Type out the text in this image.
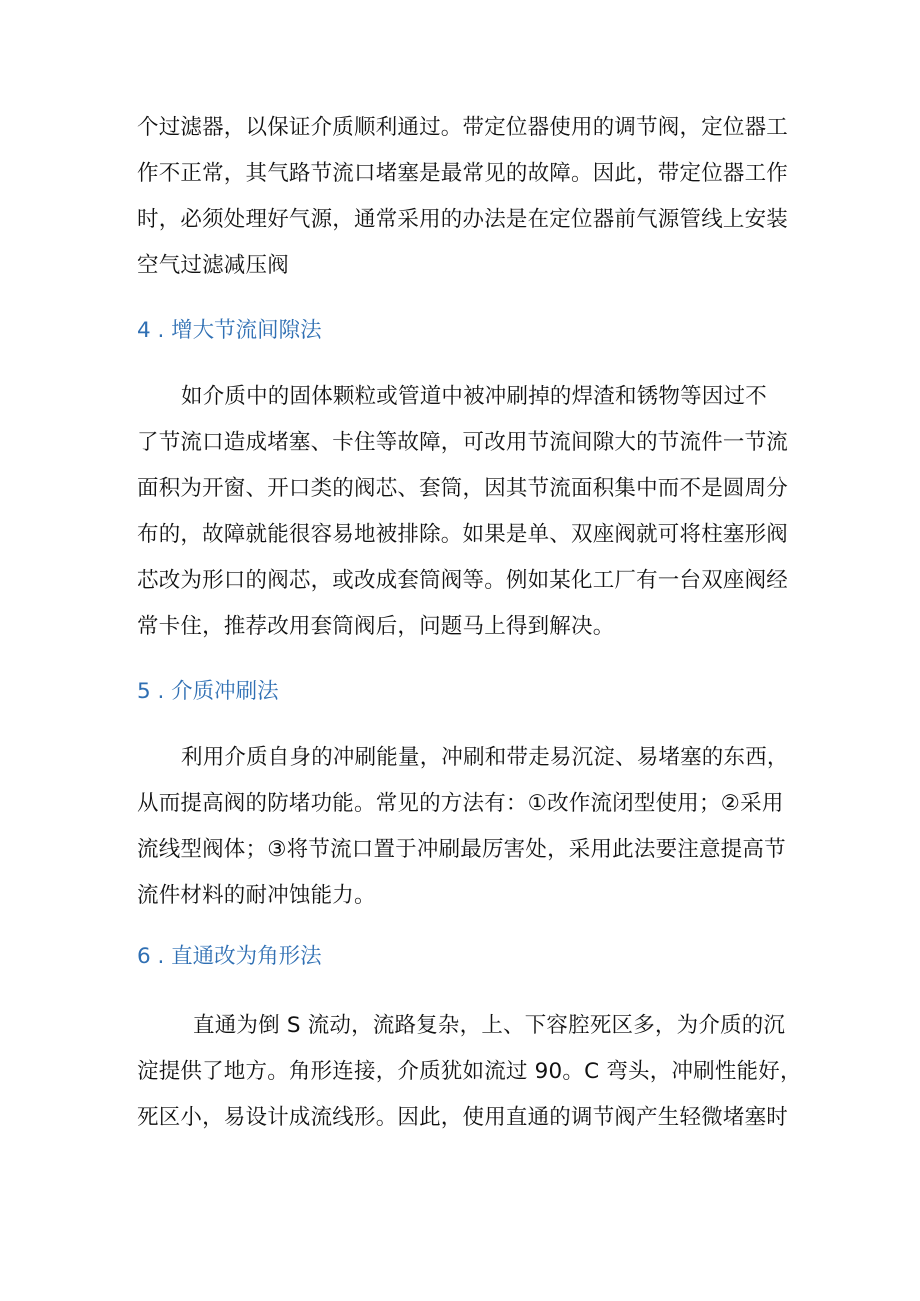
个过滤器，以保证介质顺利通过。带定位器使用的调节阀，定位器工
作不正常，其气路节流口堵塞是最常见的故障。因此，带定位器工作
时，必须处理好气源，通常采用的办法是在定位器前气源管线上安装
空气过滤减压阀
4 . 增大节流间隙法
如介质中的固体颗粒或管道中被冲刷掉的焊渣和锈物等因过不
了节流口造成堵塞、卡住等故障，可改用节流间隙大的节流件一节流
面积为开窗、开口类的阀芯、套筒，因其节流面积集中而不是圆周分
布的，故障就能很容易地被排除。如果是单、双座阀就可将柱塞形阀
芯改为形口的阀芯，或改成套筒阀等。例如某化工厂有一台双座阀经
常卡住，推荐改用套筒阀后，问题马上得到解决。
5 . 介质冲刷法
利用介质自身的冲刷能量，冲刷和带走易沉淀、易堵塞的东西，
从而提高阀的防堵功能。常见的方法有：①改作流闭型使用；②采用
流线型阀体；③将节流口置于冲刷最厉害处，采用此法要注意提高节
流件材料的耐冲蚀能力。
6 . 直通改为角形法
直通为倒 S 流动，流路复杂，上、下容腔死区多，为介质的沉
淀提供了地方。角形连接，介质犹如流过 90。C 弯头，冲刷性能好，
死区小，易设计成流线形。因此，使用直通的调节阀产生轻微堵塞时
